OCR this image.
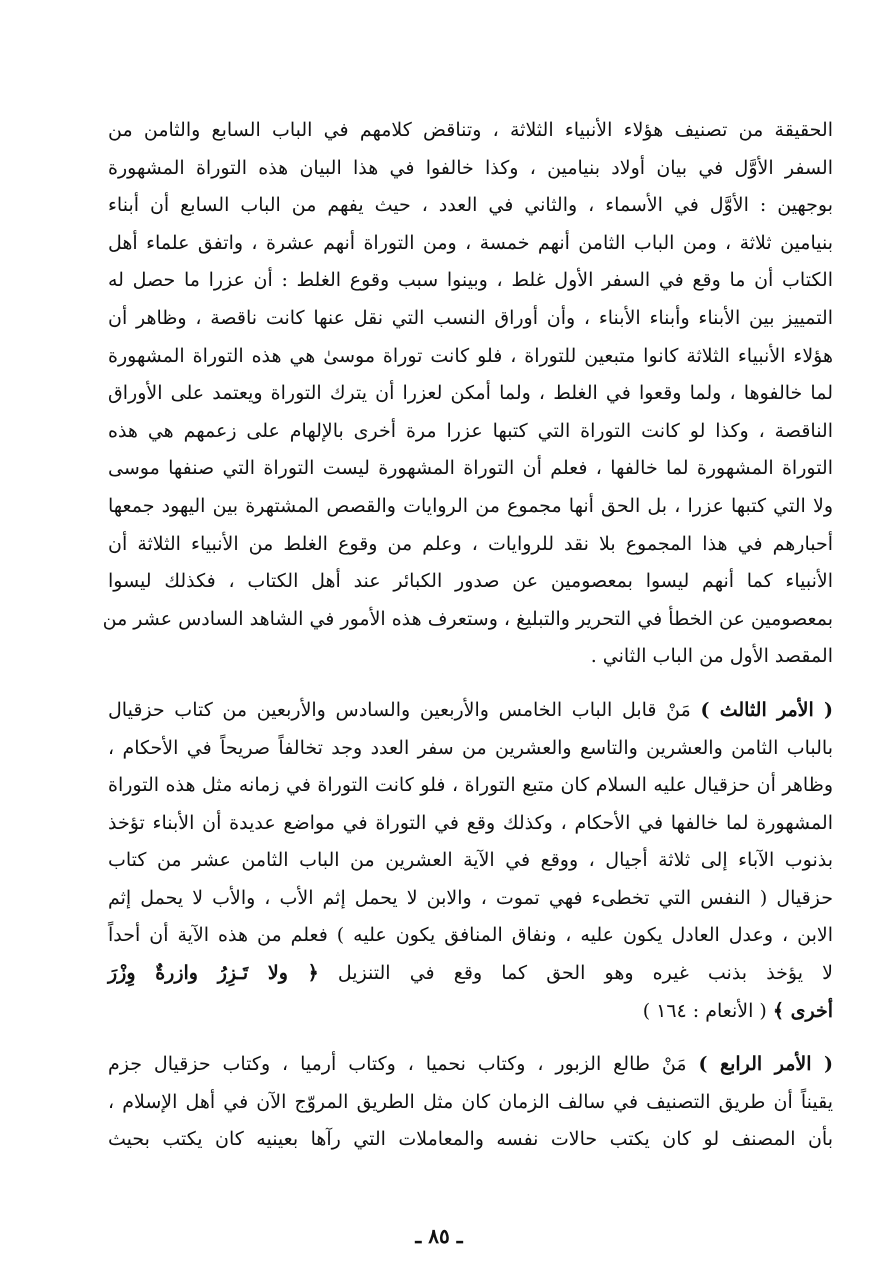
الحقيقة من تصنيف هؤلاء الأنبياء الثلاثة ، وتناقض كلامهم في الباب السابع والثامن من
السفر الأوَّل في بيان أولاد بنيامين ، وكذا خالفوا في هذا البيان هذه التوراة المشهورة
بوجهين : الأوَّل في الأسماء ، والثاني في العدد ، حيث يفهم من الباب السابع أن أبناء
بنيامين ثلاثة ، ومن الباب الثامن أنهم خمسة ، ومن التوراة أنهم عشرة ، واتفق علماء أهل
الكتاب أن ما وقع في السفر الأول غلط ، وبينوا سبب وقوع الغلط : أن عزرا ما حصل له
التمييز بين الأبناء وأبناء الأبناء ، وأن أوراق النسب التي نقل عنها كانت ناقصة ، وظاهر أن
هؤلاء الأنبياء الثلاثة كانوا متبعين للتوراة ، فلو كانت توراة موسىٰ هي هذه التوراة المشهورة
لما خالفوها ، ولما وقعوا في الغلط ، ولما أمكن لعزرا أن يترك التوراة ويعتمد على الأوراق
الناقصة ، وكذا لو كانت التوراة التي كتبها عزرا مرة أخرى بالإلهام على زعمهم هي هذه
التوراة المشهورة لما خالفها ، فعلم أن التوراة المشهورة ليست التوراة التي صنفها موسى
ولا التي كتبها عزرا ، بل الحق أنها مجموع من الروايات والقصص المشتهرة بين اليهود جمعها
أحبارهم في هذا المجموع بلا نقد للروايات ، وعلم من وقوع الغلط من الأنبياء الثلاثة أن
الأنبياء كما أنهم ليسوا بمعصومين عن صدور الكبائر عند أهل الكتاب ، فكذلك ليسوا
بمعصومين عن الخطأ في التحرير والتبليغ ، وستعرف هذه الأمور في الشاهد السادس عشر من
المقصد الأول من الباب الثاني .
( الأمر الثالث ) مَنْ قابل الباب الخامس والأربعين والسادس والأربعين من كتاب حزقيال
بالباب الثامن والعشرين والتاسع والعشرين من سفر العدد وجد تخالفاً صريحاً في الأحكام ،
وظاهر أن حزقيال عليه السلام كان متبع التوراة ، فلو كانت التوراة في زمانه مثل هذه التوراة
المشهورة لما خالفها في الأحكام ، وكذلك وقع في التوراة في مواضع عديدة أن الأبناء تؤخذ
بذنوب الآباء إلى ثلاثة أجيال ، ووقع في الآية العشرين من الباب الثامن عشر من كتاب
حزقيال ( النفس التي تخطىء فهي تموت ، والابن لا يحمل إثم الأب ، والأب لا يحمل إثم
الابن ، وعدل العادل يكون عليه ، ونفاق المنافق يكون عليه ) فعلم من هذه الآية أن أحداً
لا يؤخذ بذنب غيره وهو الحق كما وقع في التنزيل ﴿ ولا تَـزِرُ وازرةٌ وِزْرَ
أخرى ﴾ ( الأنعام : ١٦٤ )
( الأمر الرابع ) مَنْ طالع الزبور ، وكتاب نحميا ، وكتاب أرميا ، وكتاب حزقيال جزم
يقيناً أن طريق التصنيف في سالف الزمان كان مثل الطريق المروّج الآن في أهل الإسلام ،
بأن المصنف لو كان يكتب حالات نفسه والمعاملات التي رآها بعينيه كان يكتب بحيث
ـ ٨٥ ـ
